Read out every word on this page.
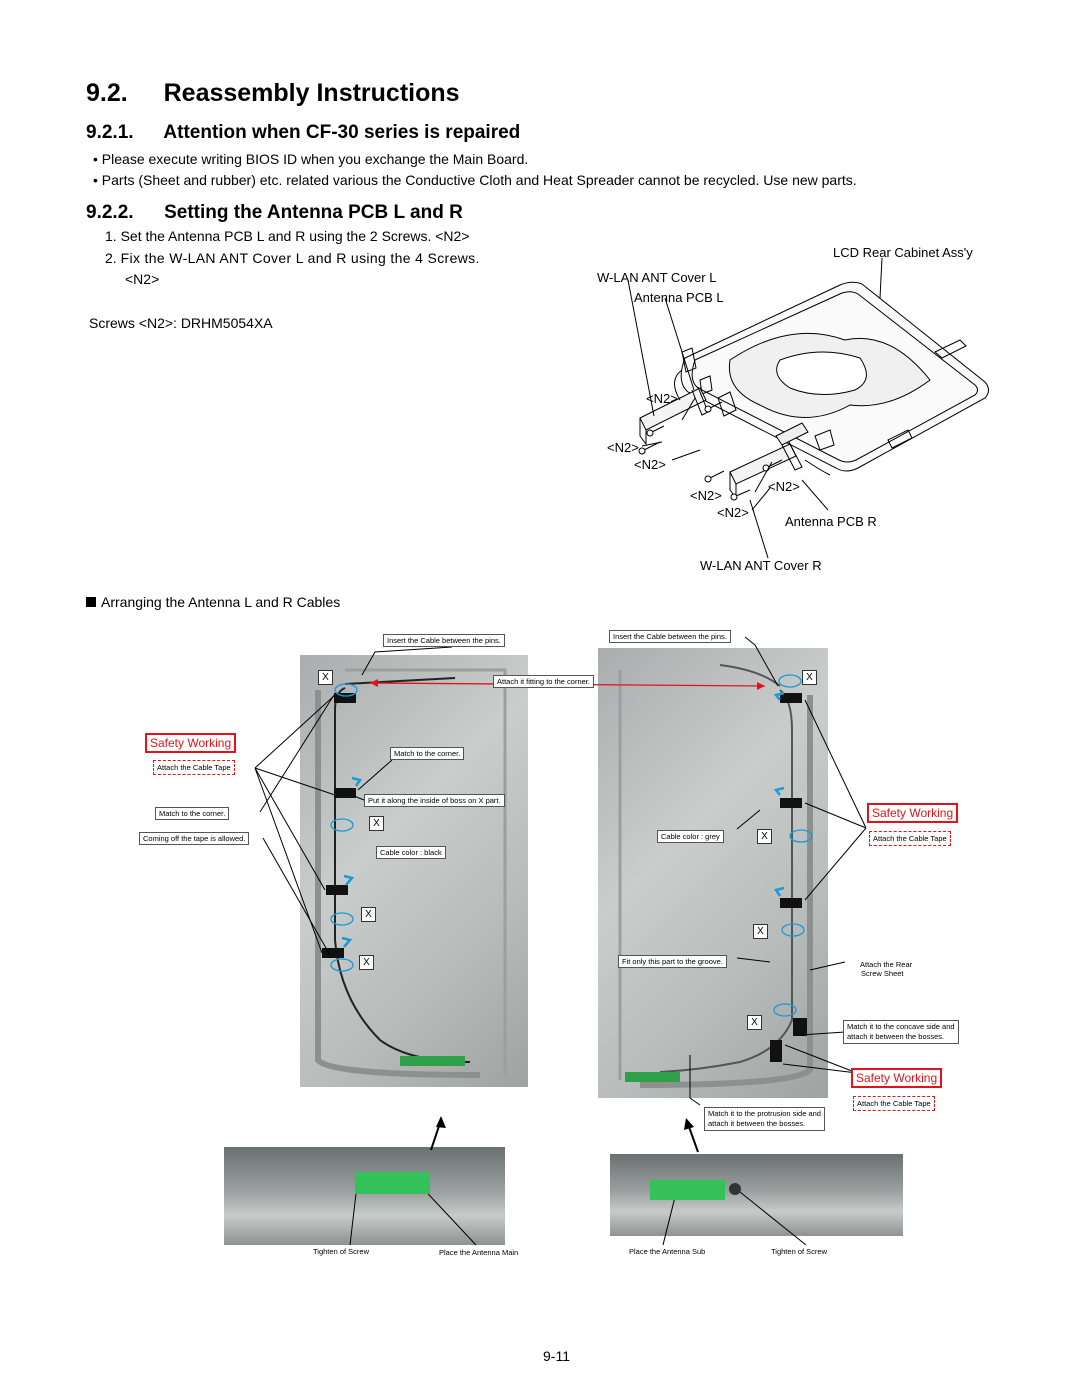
9.2. Reassembly Instructions
9.2.1. Attention when CF-30 series is repaired
• Please execute writing BIOS ID when you exchange the Main Board.
• Parts (Sheet and rubber) etc. related various the Conductive Cloth and Heat Spreader cannot be recycled. Use new parts.
9.2.2. Setting the Antenna PCB L and R
1. Set the Antenna PCB L and R using the 2 Screws. <N2>
2. Fix the W-LAN ANT Cover L and R using the 4 Screws.
<N2>
Screws <N2>: DRHM5054XA
LCD Rear Cabinet Ass'y
W-LAN ANT Cover L
Antenna PCB L
<N2>
<N2>
<N2>
<N2>
<N2>
<N2>
Antenna PCB R
W-LAN ANT Cover R
Arranging the Antenna L and R Cables
Insert the Cable between the pins.	Insert the Cable between the pins.
Attach it fitting to the corner.
X	X
X
X
X
X
X
X
Safety Working
Attach the Cable Tape
Match to the corner.
Coming off the tape is allowed.
Match to the corner.
Put it along the inside of boss on X part.
Cable color : black
Cable color : grey
Fit only this part to the groove.
Safety Working
Attach the Cable Tape
Attach the Rear
Screw Sheet
Match it to the concave side and
attach it between the bosses.
Safety Working
Attach the Cable Tape
Match it to the protrusion side and
attach it between the bosses.
Tighten of Screw	Place the Antenna Main	Place the Antenna Sub	Tighten of Screw
9-11
